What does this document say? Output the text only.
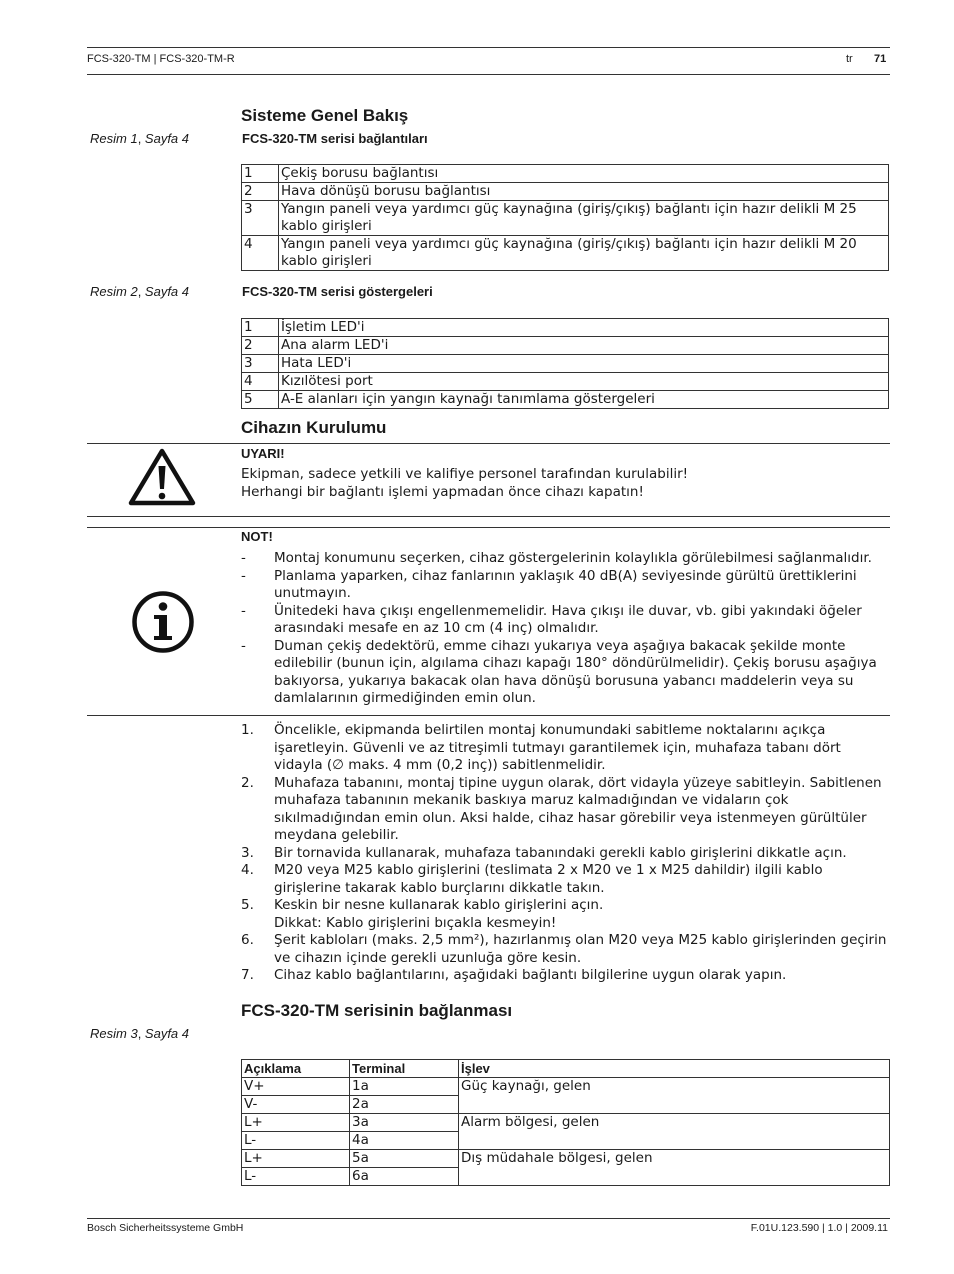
FCS-320-TM | FCS-320-TM-R	tr 71
Sisteme Genel Bakış
Resim 1, Sayfa 4	FCS-320-TM serisi bağlantıları
1	Çekiş borusu bağlantısı
2	Hava dönüşü borusu bağlantısı
3	Yangın paneli veya yardımcı güç kaynağına (giriş/çıkış) bağlantı için hazır delikli M 25 kablo girişleri
4	Yangın paneli veya yardımcı güç kaynağına (giriş/çıkış) bağlantı için hazır delikli M 20 kablo girişleri
Resim 2, Sayfa 4	FCS-320-TM serisi göstergeleri
1	İşletim LED'i
2	Ana alarm LED'i
3	Hata LED'i
4	Kızılötesi port
5	A-E alanları için yangın kaynağı tanımlama göstergeleri
Cihazın Kurulumu
UYARI!
Ekipman, sadece yetkili ve kalifiye personel tarafından kurulabilir!
Herhangi bir bağlantı işlemi yapmadan önce cihazı kapatın!
NOT!
- Montaj konumunu seçerken, cihaz göstergelerinin kolaylıkla görülebilmesi sağlanmalıdır.
- Planlama yaparken, cihaz fanlarının yaklaşık 40 dB(A) seviyesinde gürültü ürettiklerini unutmayın.
- Ünitedeki hava çıkışı engellenmemelidir. Hava çıkışı ile duvar, vb. gibi yakındaki öğeler arasındaki mesafe en az 10 cm (4 inç) olmalıdır.
- Duman çekiş dedektörü, emme cihazı yukarıya veya aşağıya bakacak şekilde monte edilebilir (bunun için, algılama cihazı kapağı 180° döndürülmelidir). Çekiş borusu aşağıya bakıyorsa, yukarıya bakacak olan hava dönüşü borusuna yabancı maddelerin veya su damlalarının girmediğinden emin olun.
1. Öncelikle, ekipmanda belirtilen montaj konumundaki sabitleme noktalarını açıkça işaretleyin. Güvenli ve az titreşimli tutmayı garantilemek için, muhafaza tabanı dört vidayla (∅ maks. 4 mm (0,2 inç)) sabitlenmelidir.
2. Muhafaza tabanını, montaj tipine uygun olarak, dört vidayla yüzeye sabitleyin. Sabitlenen muhafaza tabanının mekanik baskıya maruz kalmadığından ve vidaların çok sıkılmadığından emin olun. Aksi halde, cihaz hasar görebilir veya istenmeyen gürültüler meydana gelebilir.
3. Bir tornavida kullanarak, muhafaza tabanındaki gerekli kablo girişlerini dikkatle açın.
4. M20 veya M25 kablo girişlerini (teslimata 2 x M20 ve 1 x M25 dahildir) ilgili kablo girişlerine takarak kablo burçlarını dikkatle takın.
5. Keskin bir nesne kullanarak kablo girişlerini açın.
Dikkat: Kablo girişlerini bıçakla kesmeyin!
6. Şerit kabloları (maks. 2,5 mm²), hazırlanmış olan M20 veya M25 kablo girişlerinden geçirin ve cihazın içinde gerekli uzunluğa göre kesin.
7. Cihaz kablo bağlantılarını, aşağıdaki bağlantı bilgilerine uygun olarak yapın.
FCS-320-TM serisinin bağlanması
Resim 3, Sayfa 4
Açıklama	Terminal	İşlev
V+	1a	Güç kaynağı, gelen
V-	2a	
L+	3a	Alarm bölgesi, gelen
L-	4a	
L+	5a	Dış müdahale bölgesi, gelen
L-	6a	
Bosch Sicherheitssysteme GmbH	F.01U.123.590 | 1.0 | 2009.11
